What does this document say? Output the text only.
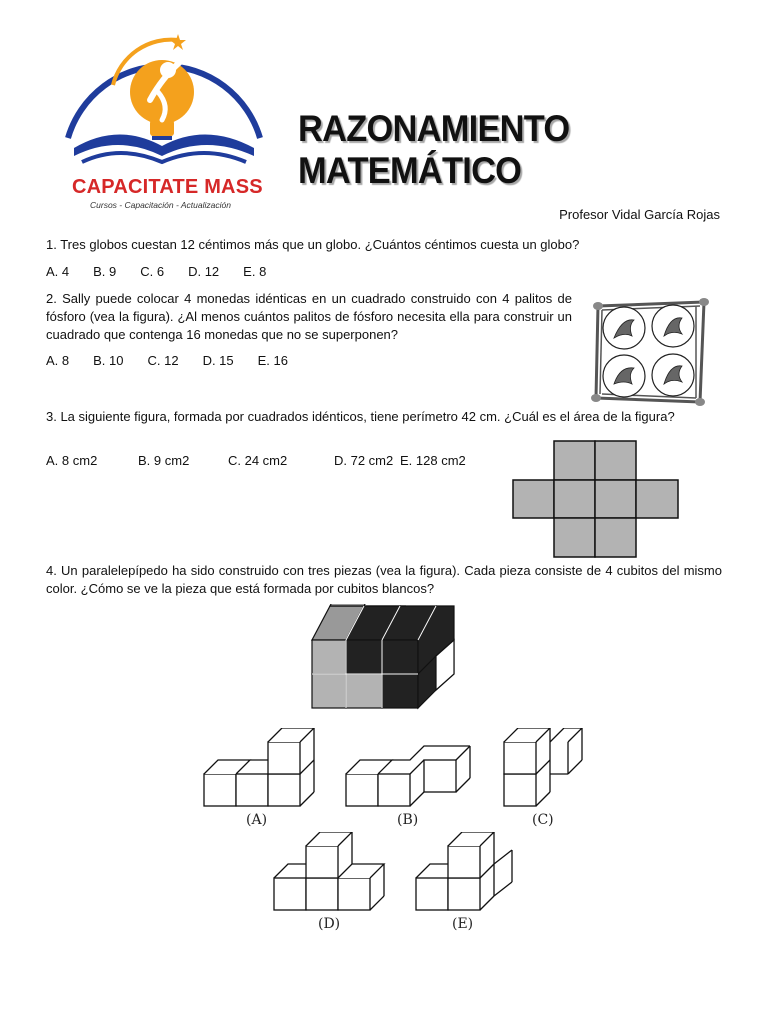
CAPACITATE MASS
Cursos - Capacitación - Actualización
RAZONAMIENTO MATEMÁTICO
Profesor Vidal García Rojas
1. Tres globos cuestan 12 céntimos más que un globo. ¿Cuántos céntimos cuesta un globo?
A. 4 B. 9 C. 6 D. 12 E. 8
2. Sally puede colocar 4 monedas idénticas en un cuadrado construido con 4 palitos de fósforo (vea la figura). ¿Al menos cuántos palitos de fósforo necesita ella para construir un cuadrado que contenga 16 monedas que no se superponen?
A. 8 B. 10 C. 12 D. 15 E. 16
3. La siguiente figura, formada por cuadrados idénticos, tiene perímetro 42 cm. ¿Cuál es el área de la figura?
A. 8 cm2	B. 9 cm2	C. 24 cm2	D. 72 cm2 E. 128 cm2
4. Un paralelepípedo ha sido construido con tres piezas (vea la figura). Cada pieza consiste de 4 cubitos del mismo color. ¿Cómo se ve la pieza que está formada por cubitos blancos?
(A)	(B)	(C)
(D)	(E)
